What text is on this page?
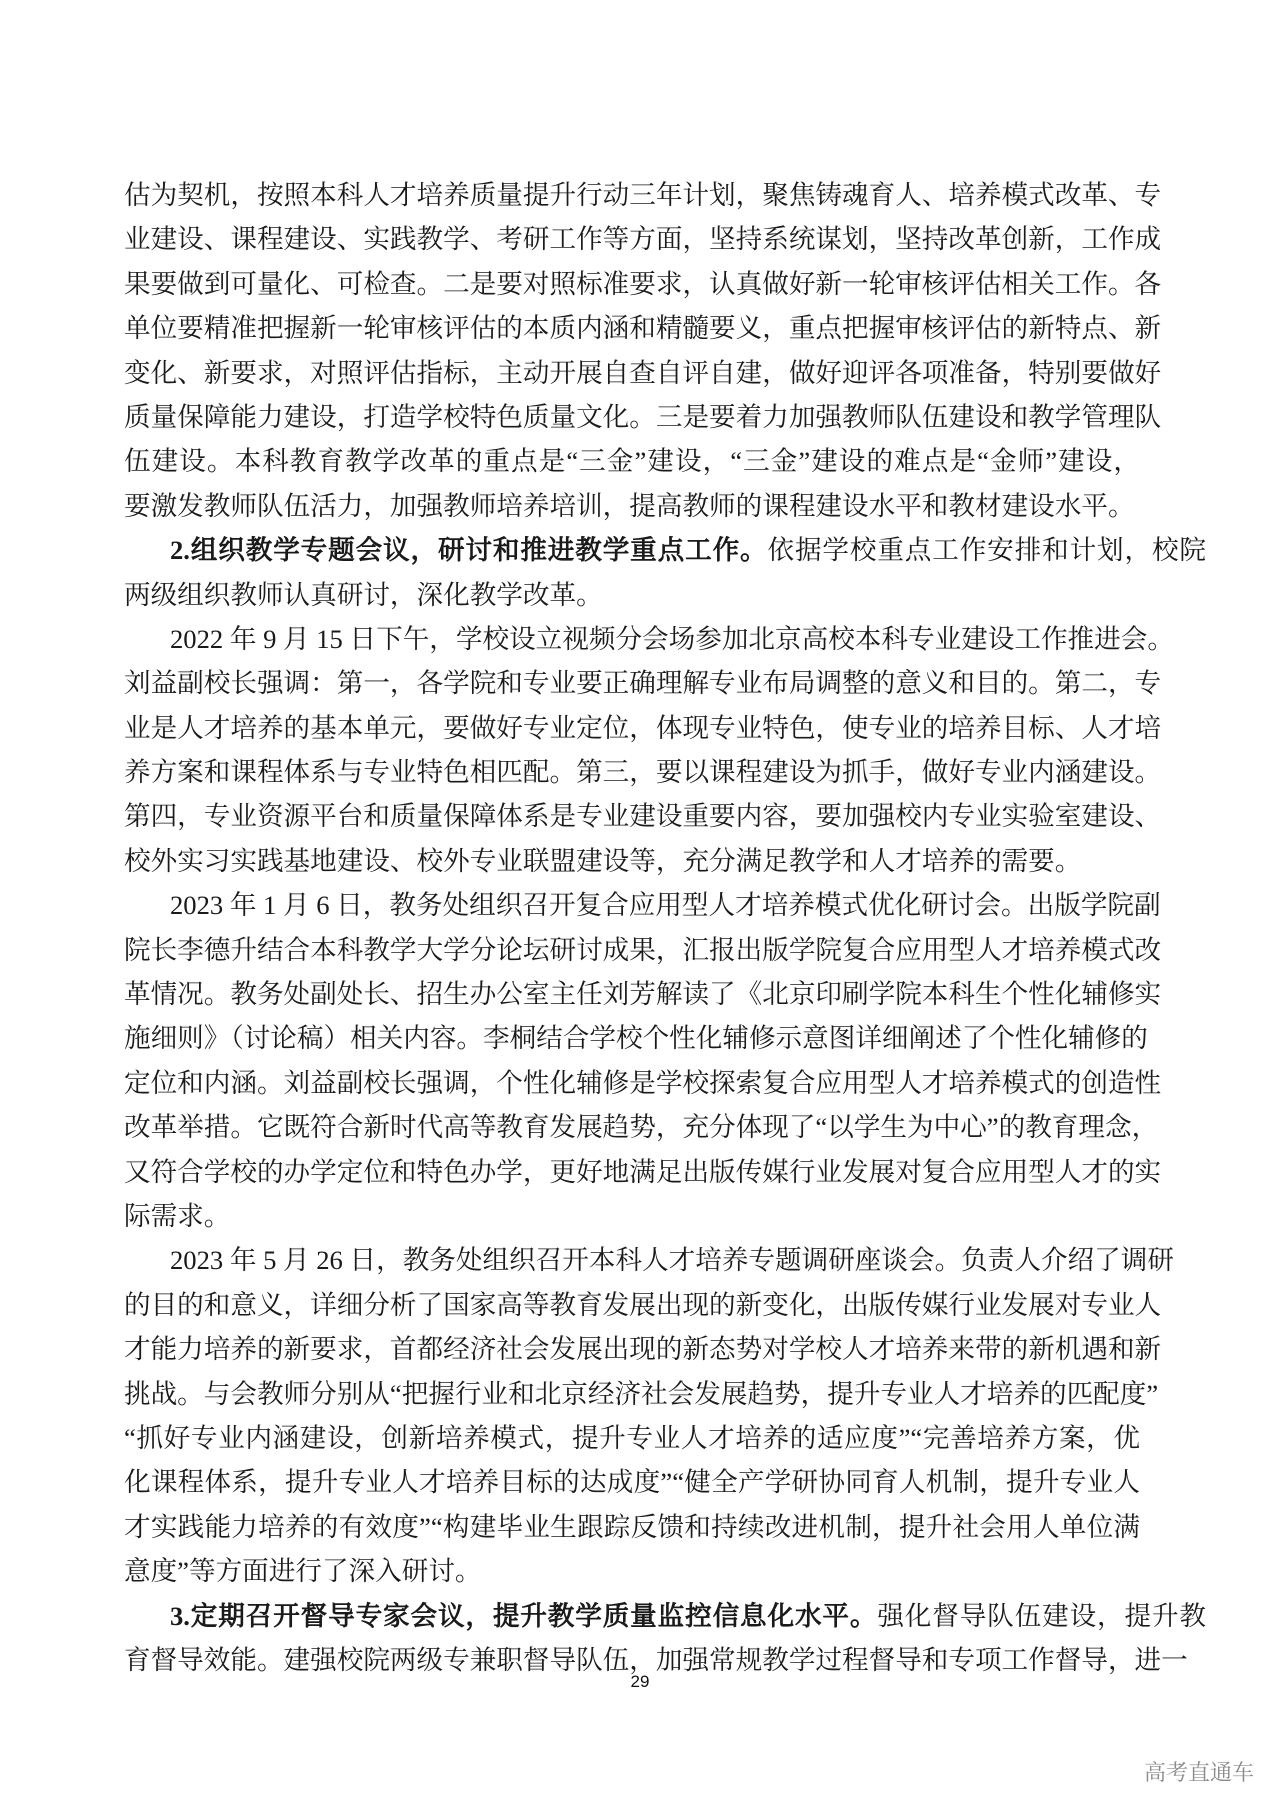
估为契机，按照本科人才培养质量提升行动三年计划，聚焦铸魂育人、培养模式改革、专
业建设、课程建设、实践教学、考研工作等方面，坚持系统谋划，坚持改革创新，工作成
果要做到可量化、可检查。二是要对照标准要求，认真做好新一轮审核评估相关工作。各
单位要精准把握新一轮审核评估的本质内涵和精髓要义，重点把握审核评估的新特点、新
变化、新要求，对照评估指标，主动开展自查自评自建，做好迎评各项准备，特别要做好
质量保障能力建设，打造学校特色质量文化。三是要着力加强教师队伍建设和教学管理队
伍建设。本科教育教学改革的重点是“三金”建设，“三金”建设的难点是“金师”建设，
要激发教师队伍活力，加强教师培养培训，提高教师的课程建设水平和教材建设水平。
2.组织教学专题会议，研讨和推进教学重点工作。依据学校重点工作安排和计划，校院
两级组织教师认真研讨，深化教学改革。
2022 年 9 月 15 日下午，学校设立视频分会场参加北京高校本科专业建设工作推进会。
刘益副校长强调：第一，各学院和专业要正确理解专业布局调整的意义和目的。第二，专
业是人才培养的基本单元，要做好专业定位，体现专业特色，使专业的培养目标、人才培
养方案和课程体系与专业特色相匹配。第三，要以课程建设为抓手，做好专业内涵建设。
第四，专业资源平台和质量保障体系是专业建设重要内容，要加强校内专业实验室建设、
校外实习实践基地建设、校外专业联盟建设等，充分满足教学和人才培养的需要。
2023 年 1 月 6 日，教务处组织召开复合应用型人才培养模式优化研讨会。出版学院副
院长李德升结合本科教学大学分论坛研讨成果，汇报出版学院复合应用型人才培养模式改
革情况。教务处副处长、招生办公室主任刘芳解读了《北京印刷学院本科生个性化辅修实
施细则》（讨论稿）相关内容。李桐结合学校个性化辅修示意图详细阐述了个性化辅修的
定位和内涵。刘益副校长强调，个性化辅修是学校探索复合应用型人才培养模式的创造性
改革举措。它既符合新时代高等教育发展趋势，充分体现了“以学生为中心”的教育理念，
又符合学校的办学定位和特色办学，更好地满足出版传媒行业发展对复合应用型人才的实
际需求。
2023 年 5 月 26 日，教务处组织召开本科人才培养专题调研座谈会。负责人介绍了调研
的目的和意义，详细分析了国家高等教育发展出现的新变化，出版传媒行业发展对专业人
才能力培养的新要求，首都经济社会发展出现的新态势对学校人才培养来带的新机遇和新
挑战。与会教师分别从“把握行业和北京经济社会发展趋势，提升专业人才培养的匹配度”
“抓好专业内涵建设，创新培养模式，提升专业人才培养的适应度”“完善培养方案，优
化课程体系，提升专业人才培养目标的达成度”“健全产学研协同育人机制，提升专业人
才实践能力培养的有效度”“构建毕业生跟踪反馈和持续改进机制，提升社会用人单位满
意度”等方面进行了深入研讨。
3.定期召开督导专家会议，提升教学质量监控信息化水平。强化督导队伍建设，提升教
育督导效能。建强校院两级专兼职督导队伍，加强常规教学过程督导和专项工作督导，进一
29
高考直通车
